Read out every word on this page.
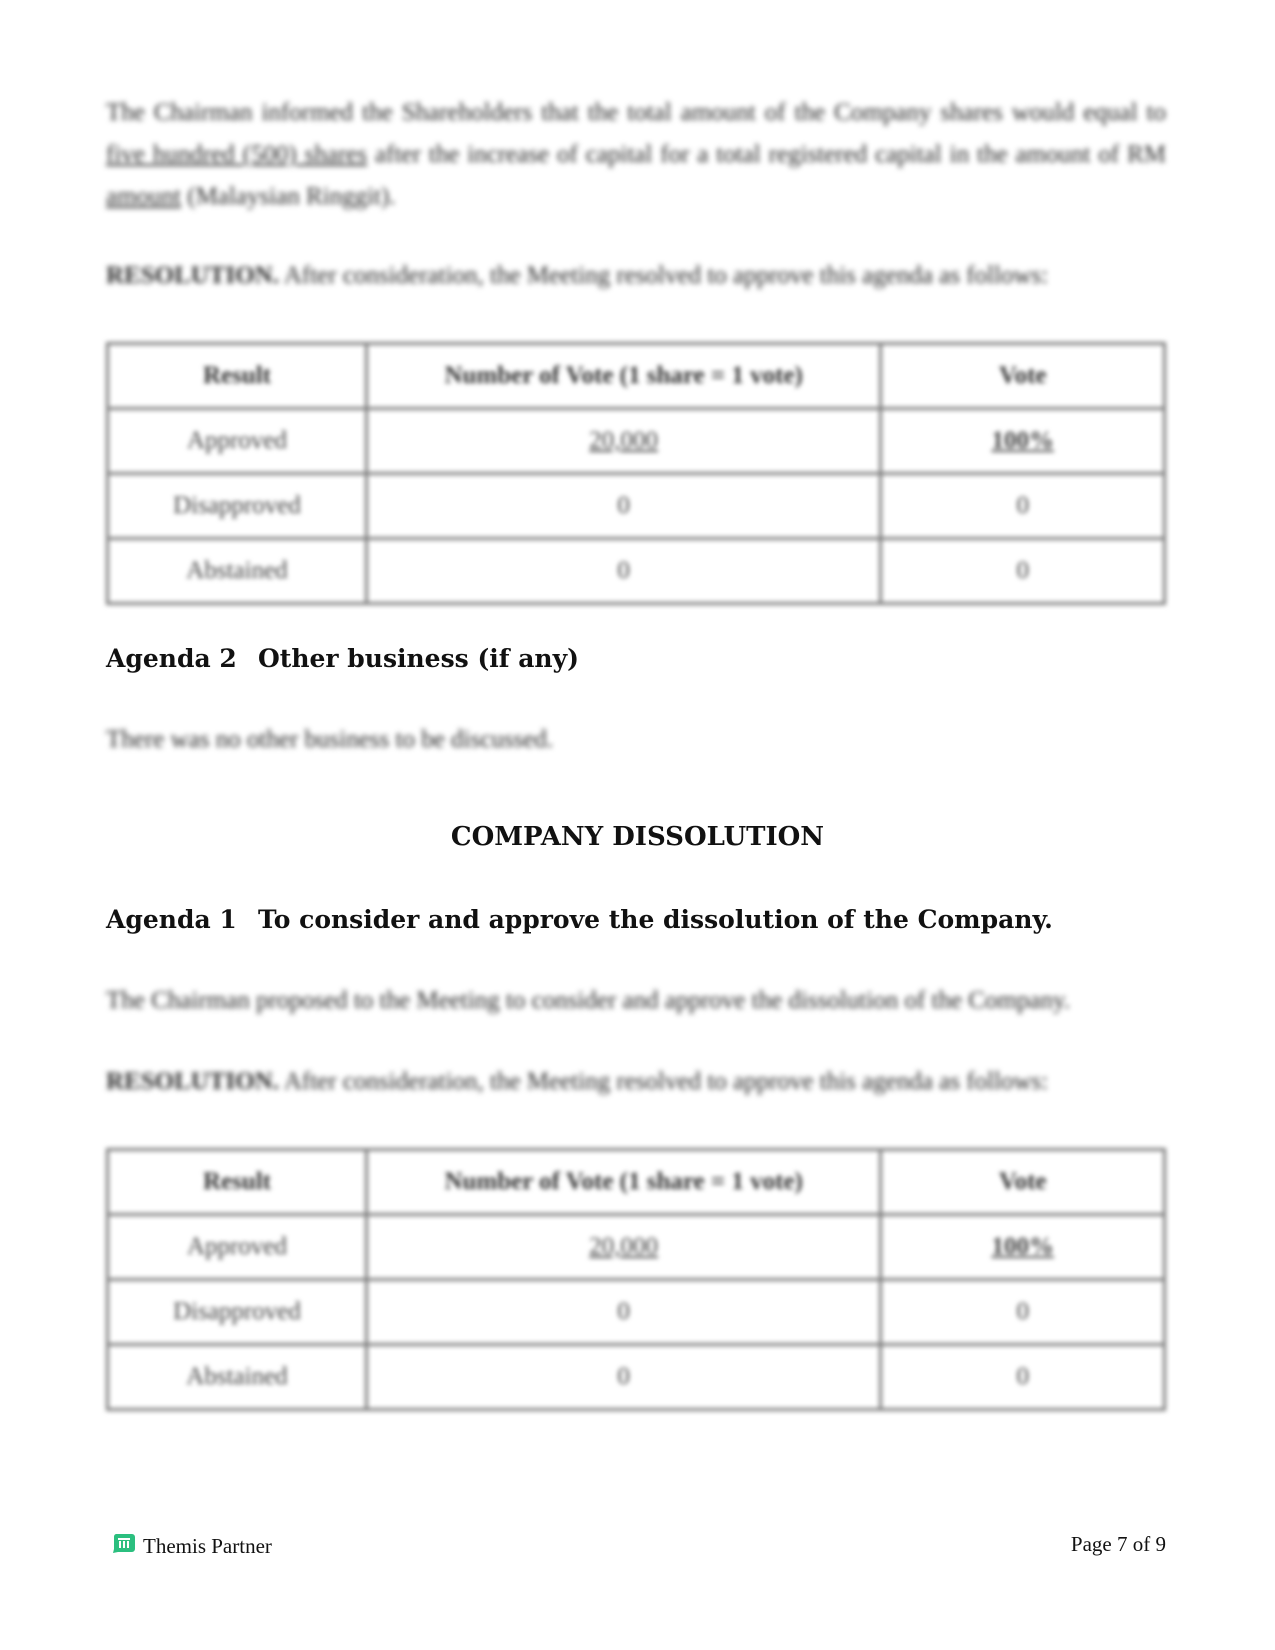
The Chairman informed the Shareholders that the total amount of the Company shares would equal to five hundred (500) shares after the increase of capital for a total registered capital in the amount of RM amount (Malaysian Ringgit).
RESOLUTION. After consideration, the Meeting resolved to approve this agenda as follows:
Result	Number of Vote (1 share = 1 vote)	Vote
Approved	20,000	100%
Disapproved	0	0
Abstained	0	0
Agenda 2 Other business (if any)
There was no other business to be discussed.
COMPANY DISSOLUTION
Agenda 1 To consider and approve the dissolution of the Company.
The Chairman proposed to the Meeting to consider and approve the dissolution of the Company.
RESOLUTION. After consideration, the Meeting resolved to approve this agenda as follows:
Result	Number of Vote (1 share = 1 vote)	Vote
Approved	20,000	100%
Disapproved	0	0
Abstained	0	0
Themis Partner	Page 7 of 9
